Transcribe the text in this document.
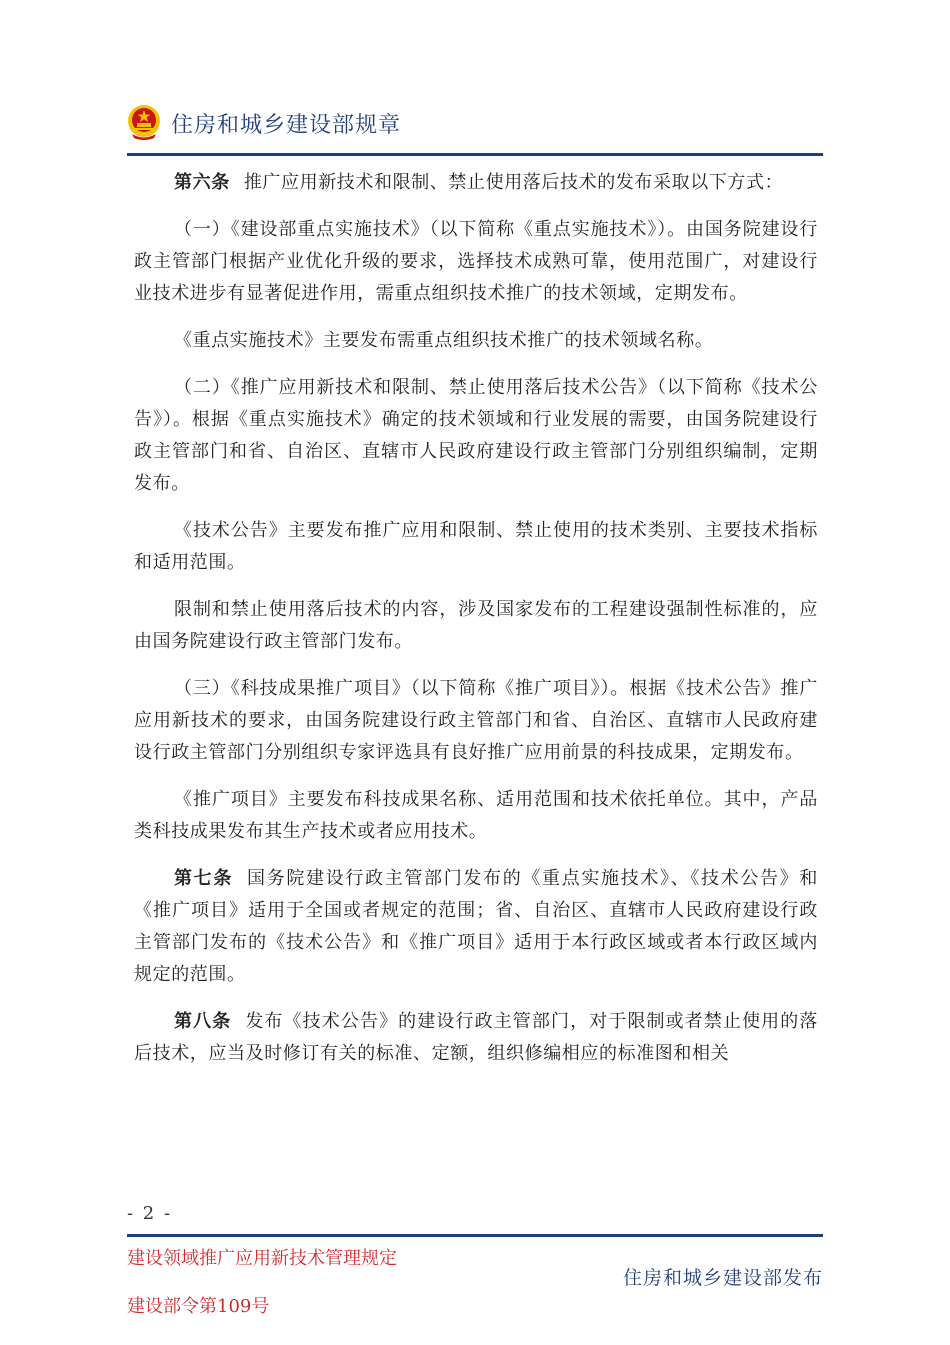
住房和城乡建设部规章

第六条 推广应用新技术和限制、禁止使用落后技术的发布采取以下方式：

（一）《建设部重点实施技术》（以下简称《重点实施技术》）。由国务院建设行政主管部门根据产业优化升级的要求，选择技术成熟可靠，使用范围广，对建设行业技术进步有显著促进作用，需重点组织技术推广的技术领域，定期发布。

《重点实施技术》主要发布需重点组织技术推广的技术领域名称。

（二）《推广应用新技术和限制、禁止使用落后技术公告》（以下简称《技术公告》）。根据《重点实施技术》确定的技术领域和行业发展的需要，由国务院建设行政主管部门和省、自治区、直辖市人民政府建设行政主管部门分别组织编制，定期发布。

《技术公告》主要发布推广应用和限制、禁止使用的技术类别、主要技术指标和适用范围。

限制和禁止使用落后技术的内容，涉及国家发布的工程建设强制性标准的，应由国务院建设行政主管部门发布。

（三）《科技成果推广项目》（以下简称《推广项目》）。根据《技术公告》推广应用新技术的要求，由国务院建设行政主管部门和省、自治区、直辖市人民政府建设行政主管部门分别组织专家评选具有良好推广应用前景的科技成果，定期发布。

《推广项目》主要发布科技成果名称、适用范围和技术依托单位。其中，产品类科技成果发布其生产技术或者应用技术。

第七条 国务院建设行政主管部门发布的《重点实施技术》、《技术公告》和《推广项目》适用于全国或者规定的范围；省、自治区、直辖市人民政府建设行政主管部门发布的《技术公告》和《推广项目》适用于本行政区域或者本行政区域内规定的范围。

第八条 发布《技术公告》的建设行政主管部门，对于限制或者禁止使用的落后技术，应当及时修订有关的标准、定额，组织修编相应的标准图和相关

- 2 -
建设领域推广应用新技术管理规定
住房和城乡建设部发布
建设部令第109号
